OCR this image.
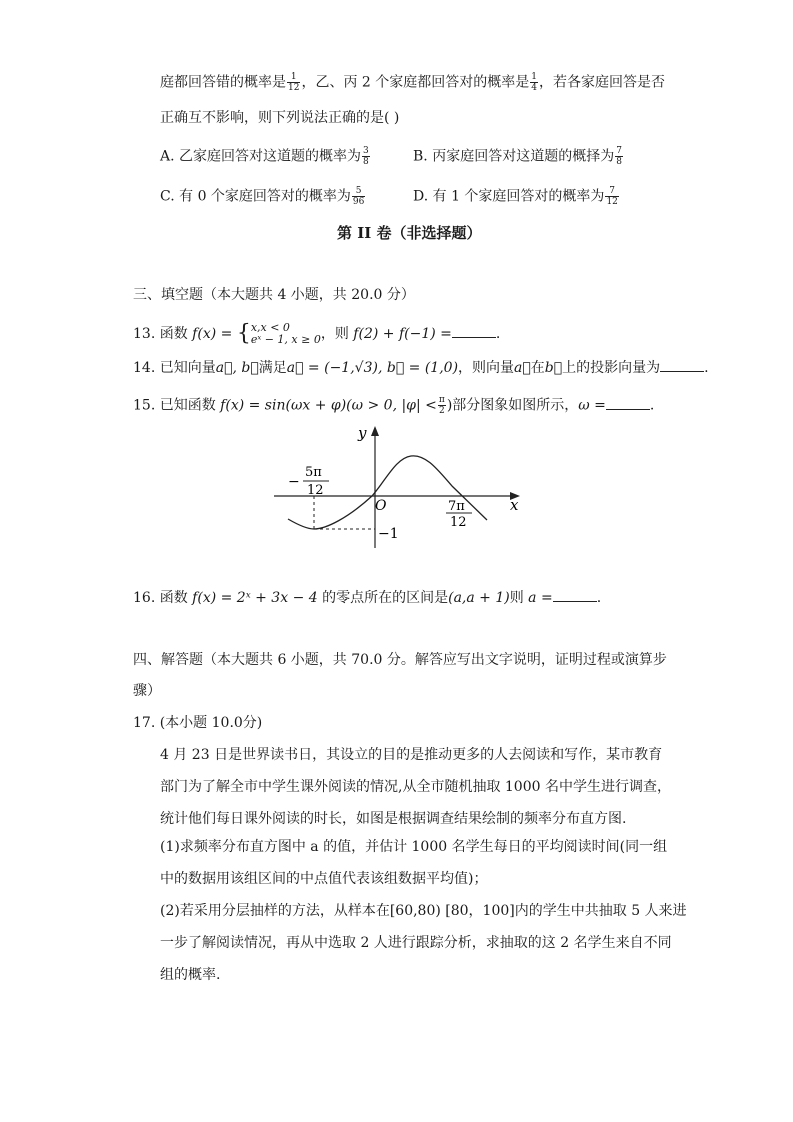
庭都回答错的概率是 $\frac{1}{12}$ ，乙、丙 2 个家庭都回答对的概率是 $\frac{1}{4}$ ，若各家庭回答是否
正确互不影响，则下列说法正确的是( )
A. 乙家庭回答对这道题的概率为 $\frac{3}{8}$	B. 丙家庭回答对这道题的概择为 $\frac{7}{8}$
C. 有 0 个家庭回答对的概率为 $\frac{5}{96}$	D. 有 1 个家庭回答对的概率为 $\frac{7}{12}$
第 II 卷（非选择题）
三、填空题（本大题共 4 小题，共 20.0 分）
13. 函数 f(x) = { x,x < 0
eˣ − 1, x ≥ 0 ，则 f(2) + f(−1) =	.
14. 已知向量a⃗, b⃗满足a⃗ = (−1,√3), b⃗ = (1,0)，则向量a⃗在b⃗上的投影向量为	.
15. 已知函数 f(x) = sin(ωx + φ)(ω > 0, $|\varphi| < \frac{\pi}{2}$ )部分图象如图所示，ω =	.
y
x
O
−
5π
12
7π
12
−1
16. 函数 f(x) = 2ˣ + 3x − 4 的零点所在的区间是(a,a + 1)则 a =	.
四、解答题（本大题共 6 小题，共 70.0 分。解答应写出文字说明，证明过程或演算步
骤）
17. (本小题 10.0分)
4 月 23 日是世界读书日，其设立的目的是推动更多的人去阅读和写作，某市教育
部门为了解全市中学生课外阅读的情况,从全市随机抽取 1000 名中学生进行调查，
统计他们每日课外阅读的时长，如图是根据调查结果绘制的频率分布直方图.
(1)求频率分布直方图中 a 的值，并估计 1000 名学生每日的平均阅读时间(同一组
中的数据用该组区间的中点值代表该组数据平均值)；
(2)若采用分层抽样的方法，从样本在[60,80) [80，100]内的学生中共抽取 5 人来进
一步了解阅读情况，再从中选取 2 人进行跟踪分析，求抽取的这 2 名学生来自不同
组的概率.
